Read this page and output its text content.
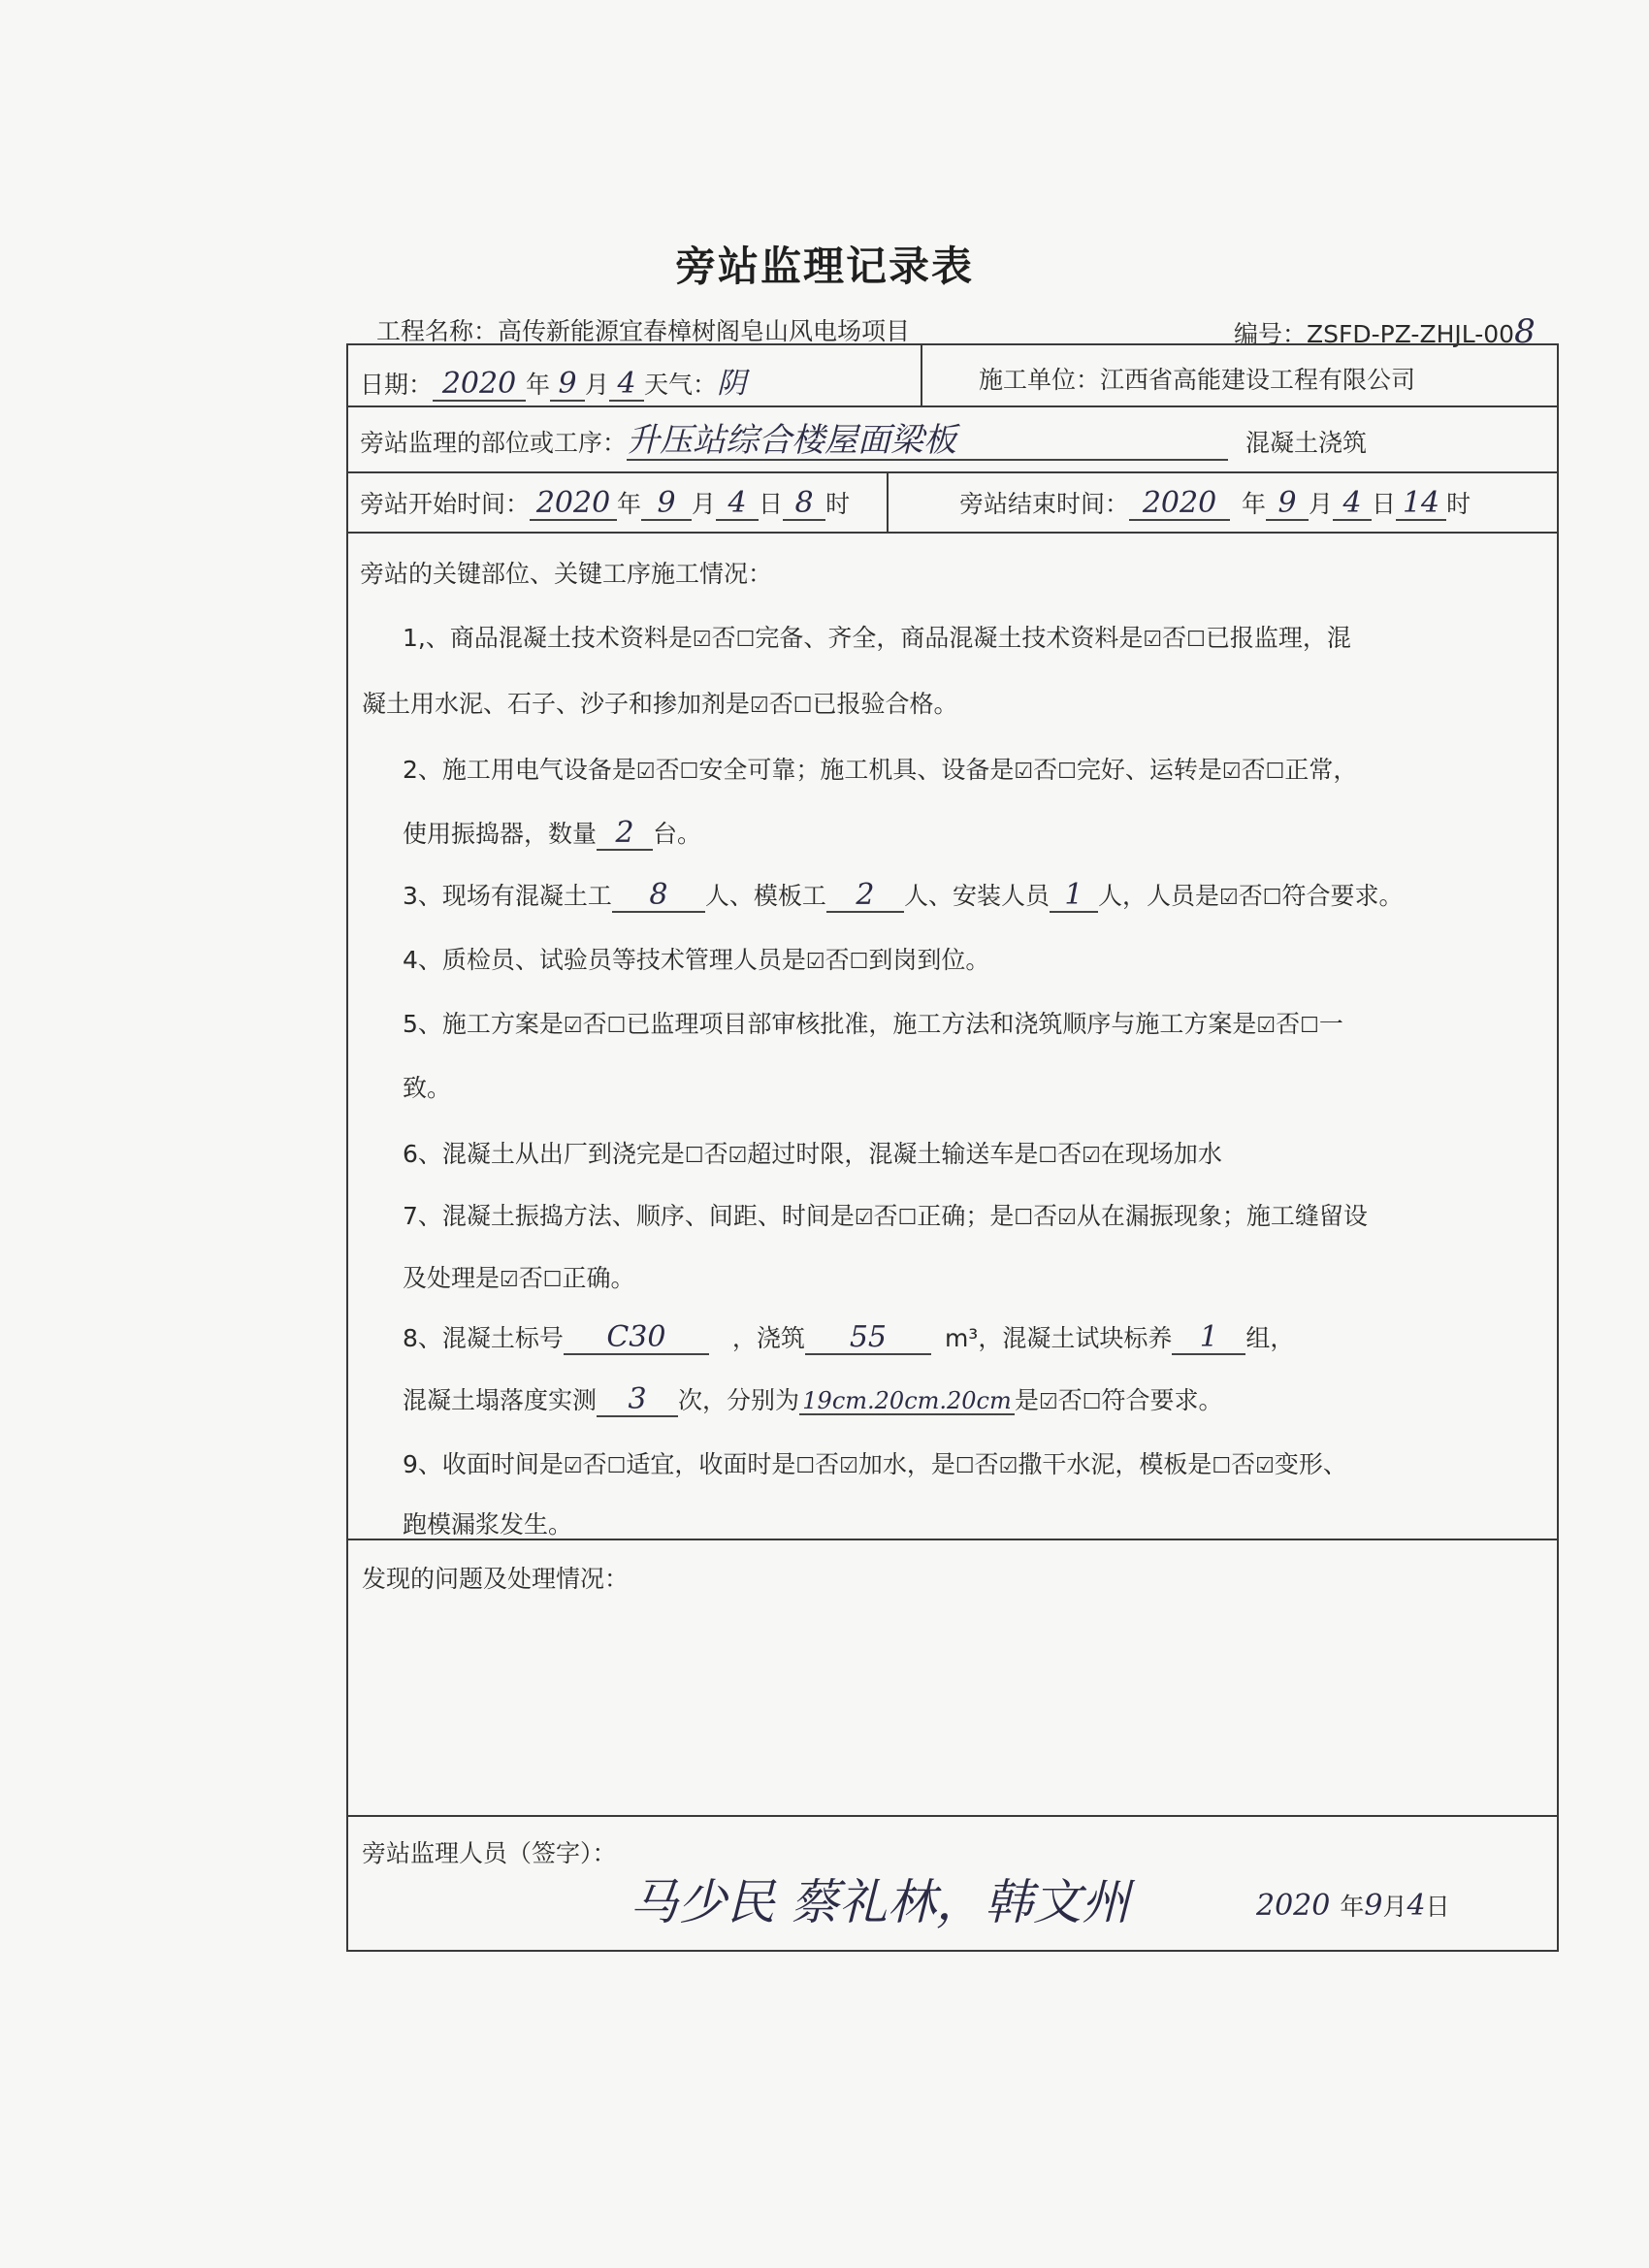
旁站监理记录表
工程名称：高传新能源宜春樟树阁皂山风电场项目	编号：ZSFD-PZ-ZHJL-008
日期： 2020 年 9 月 4 天气：阴	施工单位：江西省高能建设工程有限公司
旁站监理的部位或工序：升压站综合楼屋面梁板	混凝土浇筑
旁站开始时间： 2020 年 9 月 4 日 8 时	旁站结束时间： 2020 年 9 月 4 日 14 时
旁站的关键部位、关键工序施工情况：
1,、商品混凝土技术资料是☑否☐完备、齐全，商品混凝土技术资料是☑否☐已报监理，混
凝土用水泥、石子、沙子和掺加剂是☑否☐已报验合格。
2、施工用电气设备是☑否☐安全可靠；施工机具、设备是☑否☐完好、运转是☑否☐正常，
使用振捣器，数量 2 台。
3、现场有混凝土工 8 人、模板工 2 人、安装人员 1 人，人员是☑否☐符合要求。
4、质检员、试验员等技术管理人员是☑否☐到岗到位。
5、施工方案是☑否☐已监理项目部审核批准，施工方法和浇筑顺序与施工方案是☑否☐一
致。
6、混凝土从出厂到浇完是☐否☑超过时限，混凝土输送车是☐否☑在现场加水
7、混凝土振捣方法、顺序、间距、时间是☑否☐正确；是☐否☑从在漏振现象；施工缝留设
及处理是☑否☐正确。
8、混凝土标号 C30	，浇筑 55 m³，混凝土试块标养 1 组，
混凝土塌落度实测 3 次，分别为 19cm.20cm.20cm 是☑否☐符合要求。
9、收面时间是☑否☐适宜，收面时是☐否☑加水，是☐否☑撒干水泥，模板是☐否☑变形、
跑模漏浆发生。
发现的问题及处理情况：
旁站监理人员（签字）：
马少民 蔡礼林，韩文州	2020 年9月4日
